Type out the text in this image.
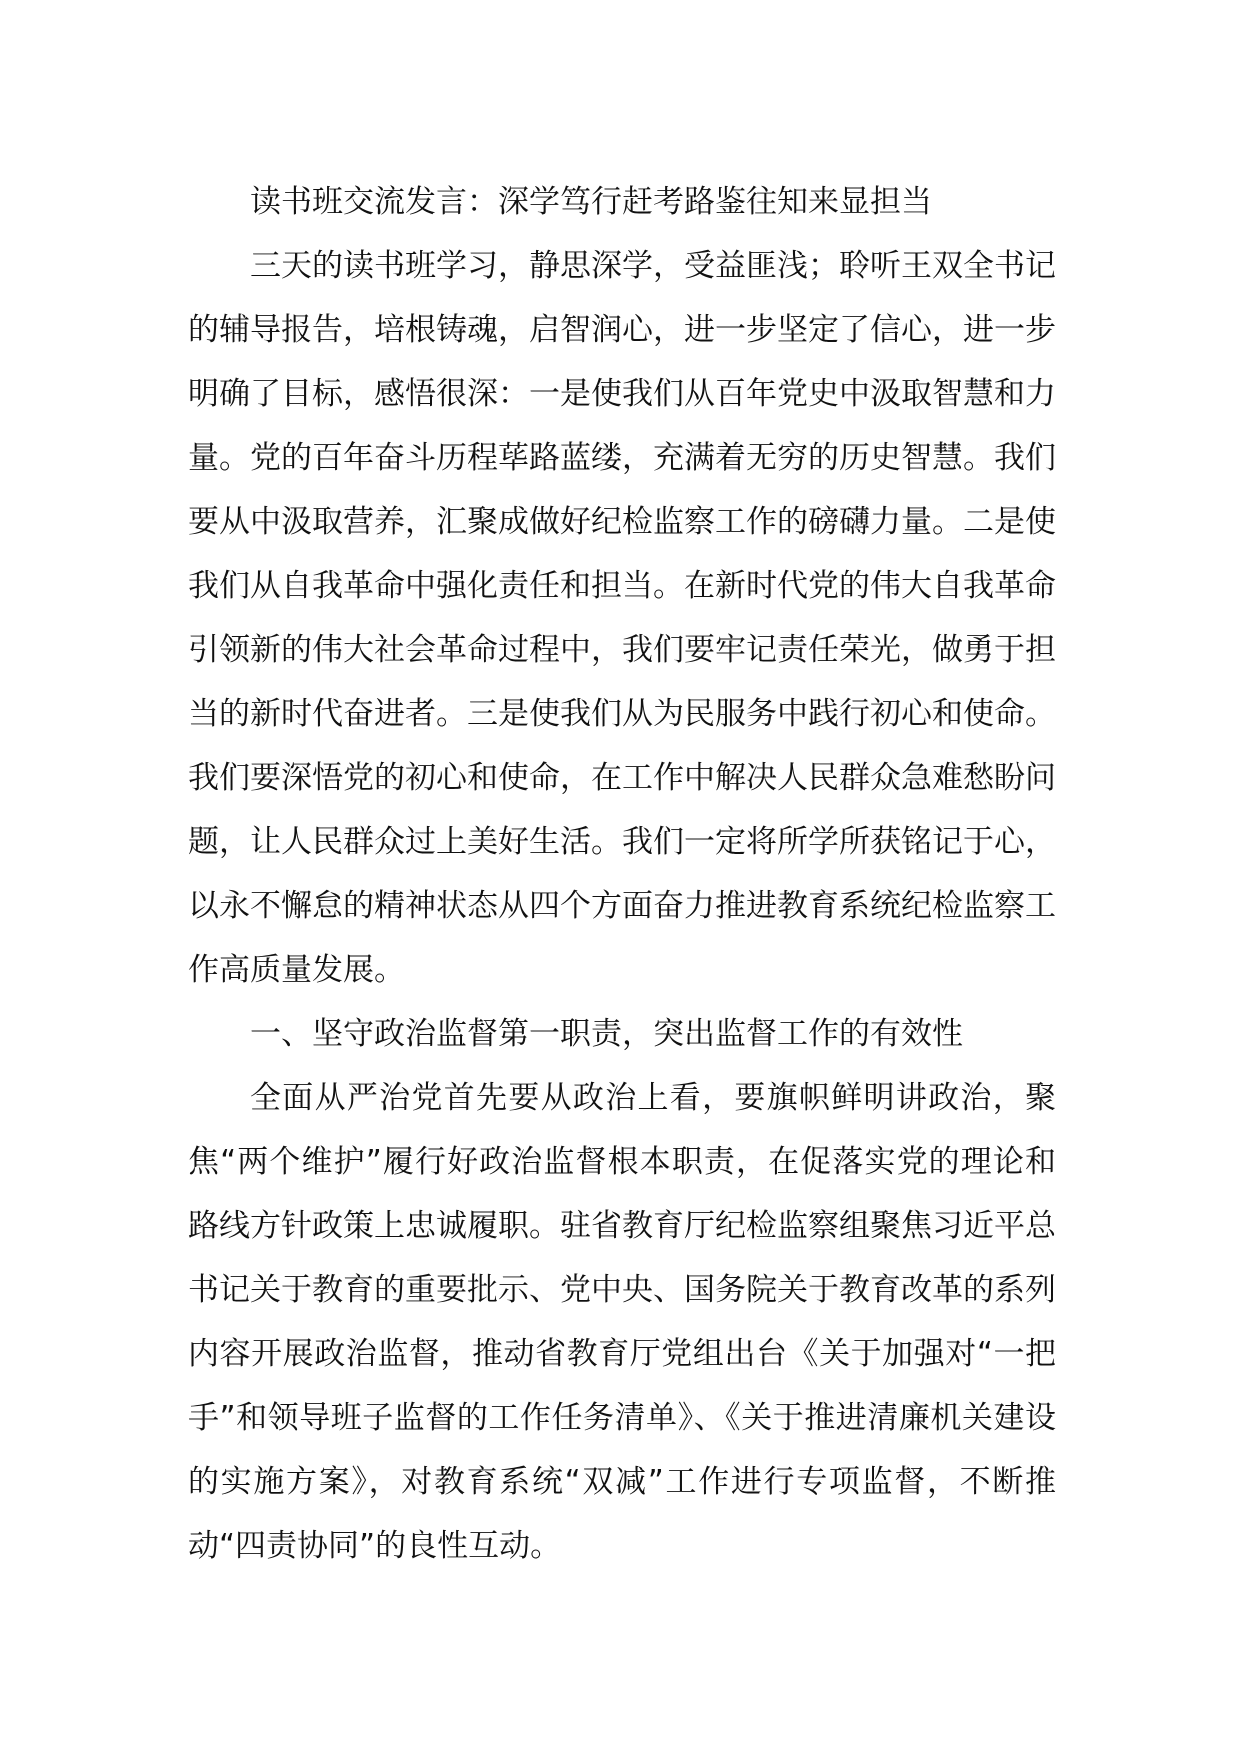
读书班交流发言：深学笃行赶考路鉴往知来显担当

三天的读书班学习，静思深学，受益匪浅；聆听王双全书记的辅导报告，培根铸魂，启智润心，进一步坚定了信心，进一步明确了目标，感悟很深：一是使我们从百年党史中汲取智慧和力量。党的百年奋斗历程荜路蓝缕，充满着无穷的历史智慧。我们要从中汲取营养，汇聚成做好纪检监察工作的磅礴力量。二是使我们从自我革命中强化责任和担当。在新时代党的伟大自我革命引领新的伟大社会革命过程中，我们要牢记责任荣光，做勇于担当的新时代奋进者。三是使我们从为民服务中践行初心和使命。我们要深悟党的初心和使命，在工作中解决人民群众急难愁盼问题，让人民群众过上美好生活。我们一定将所学所获铭记于心，以永不懈怠的精神状态从四个方面奋力推进教育系统纪检监察工作高质量发展。

一、坚守政治监督第一职责，突出监督工作的有效性

全面从严治党首先要从政治上看，要旗帜鲜明讲政治，聚焦“两个维护”履行好政治监督根本职责，在促落实党的理论和路线方针政策上忠诚履职。驻省教育厅纪检监察组聚焦习近平总书记关于教育的重要批示、党中央、国务院关于教育改革的系列内容开展政治监督，推动省教育厅党组出台《关于加强对“一把手”和领导班子监督的工作任务清单》、《关于推进清廉机关建设的实施方案》，对教育系统“双减”工作进行专项监督，不断推动“四责协同”的良性互动。
